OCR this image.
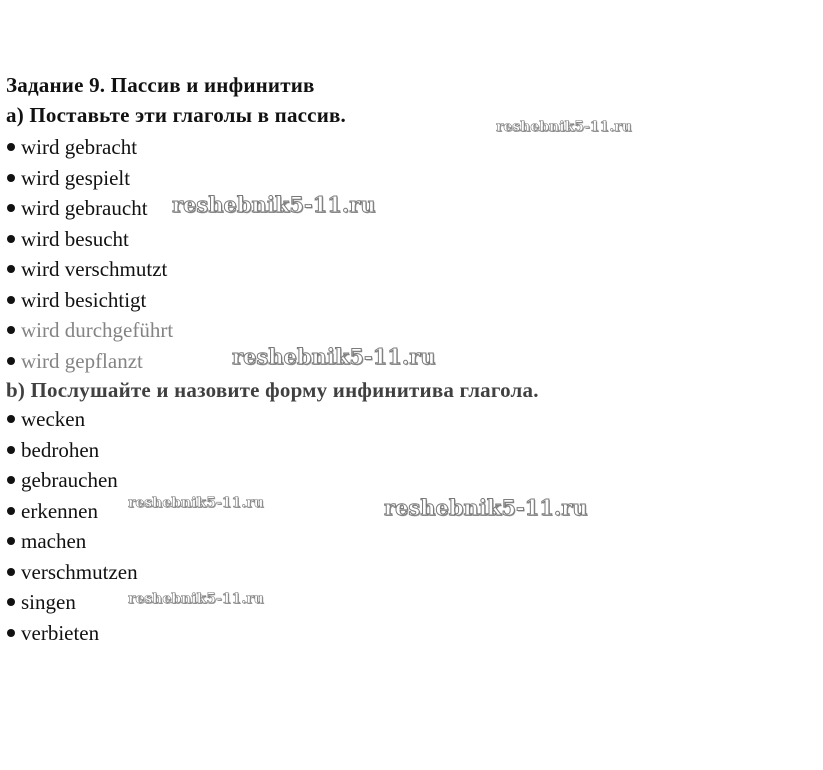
Задание 9. Пассив и инфинитив
а) Поставьте эти глаголы в пассив.
wird gebracht
wird gespielt
wird gebraucht
wird besucht
wird verschmutzt
wird besichtigt
wird durchgeführt
wird gepflanzt
b) Послушайте и назовите форму инфинитива глагола.
wecken
bedrohen
gebrauchen
erkennen
machen
verschmutzen
singen
verbieten
reshebnik5-11.ru
reshebnik5-11.ru
reshebnik5-11.ru
reshebnik5-11.ru	reshebnik5-11.ru
reshebnik5-11.ru
